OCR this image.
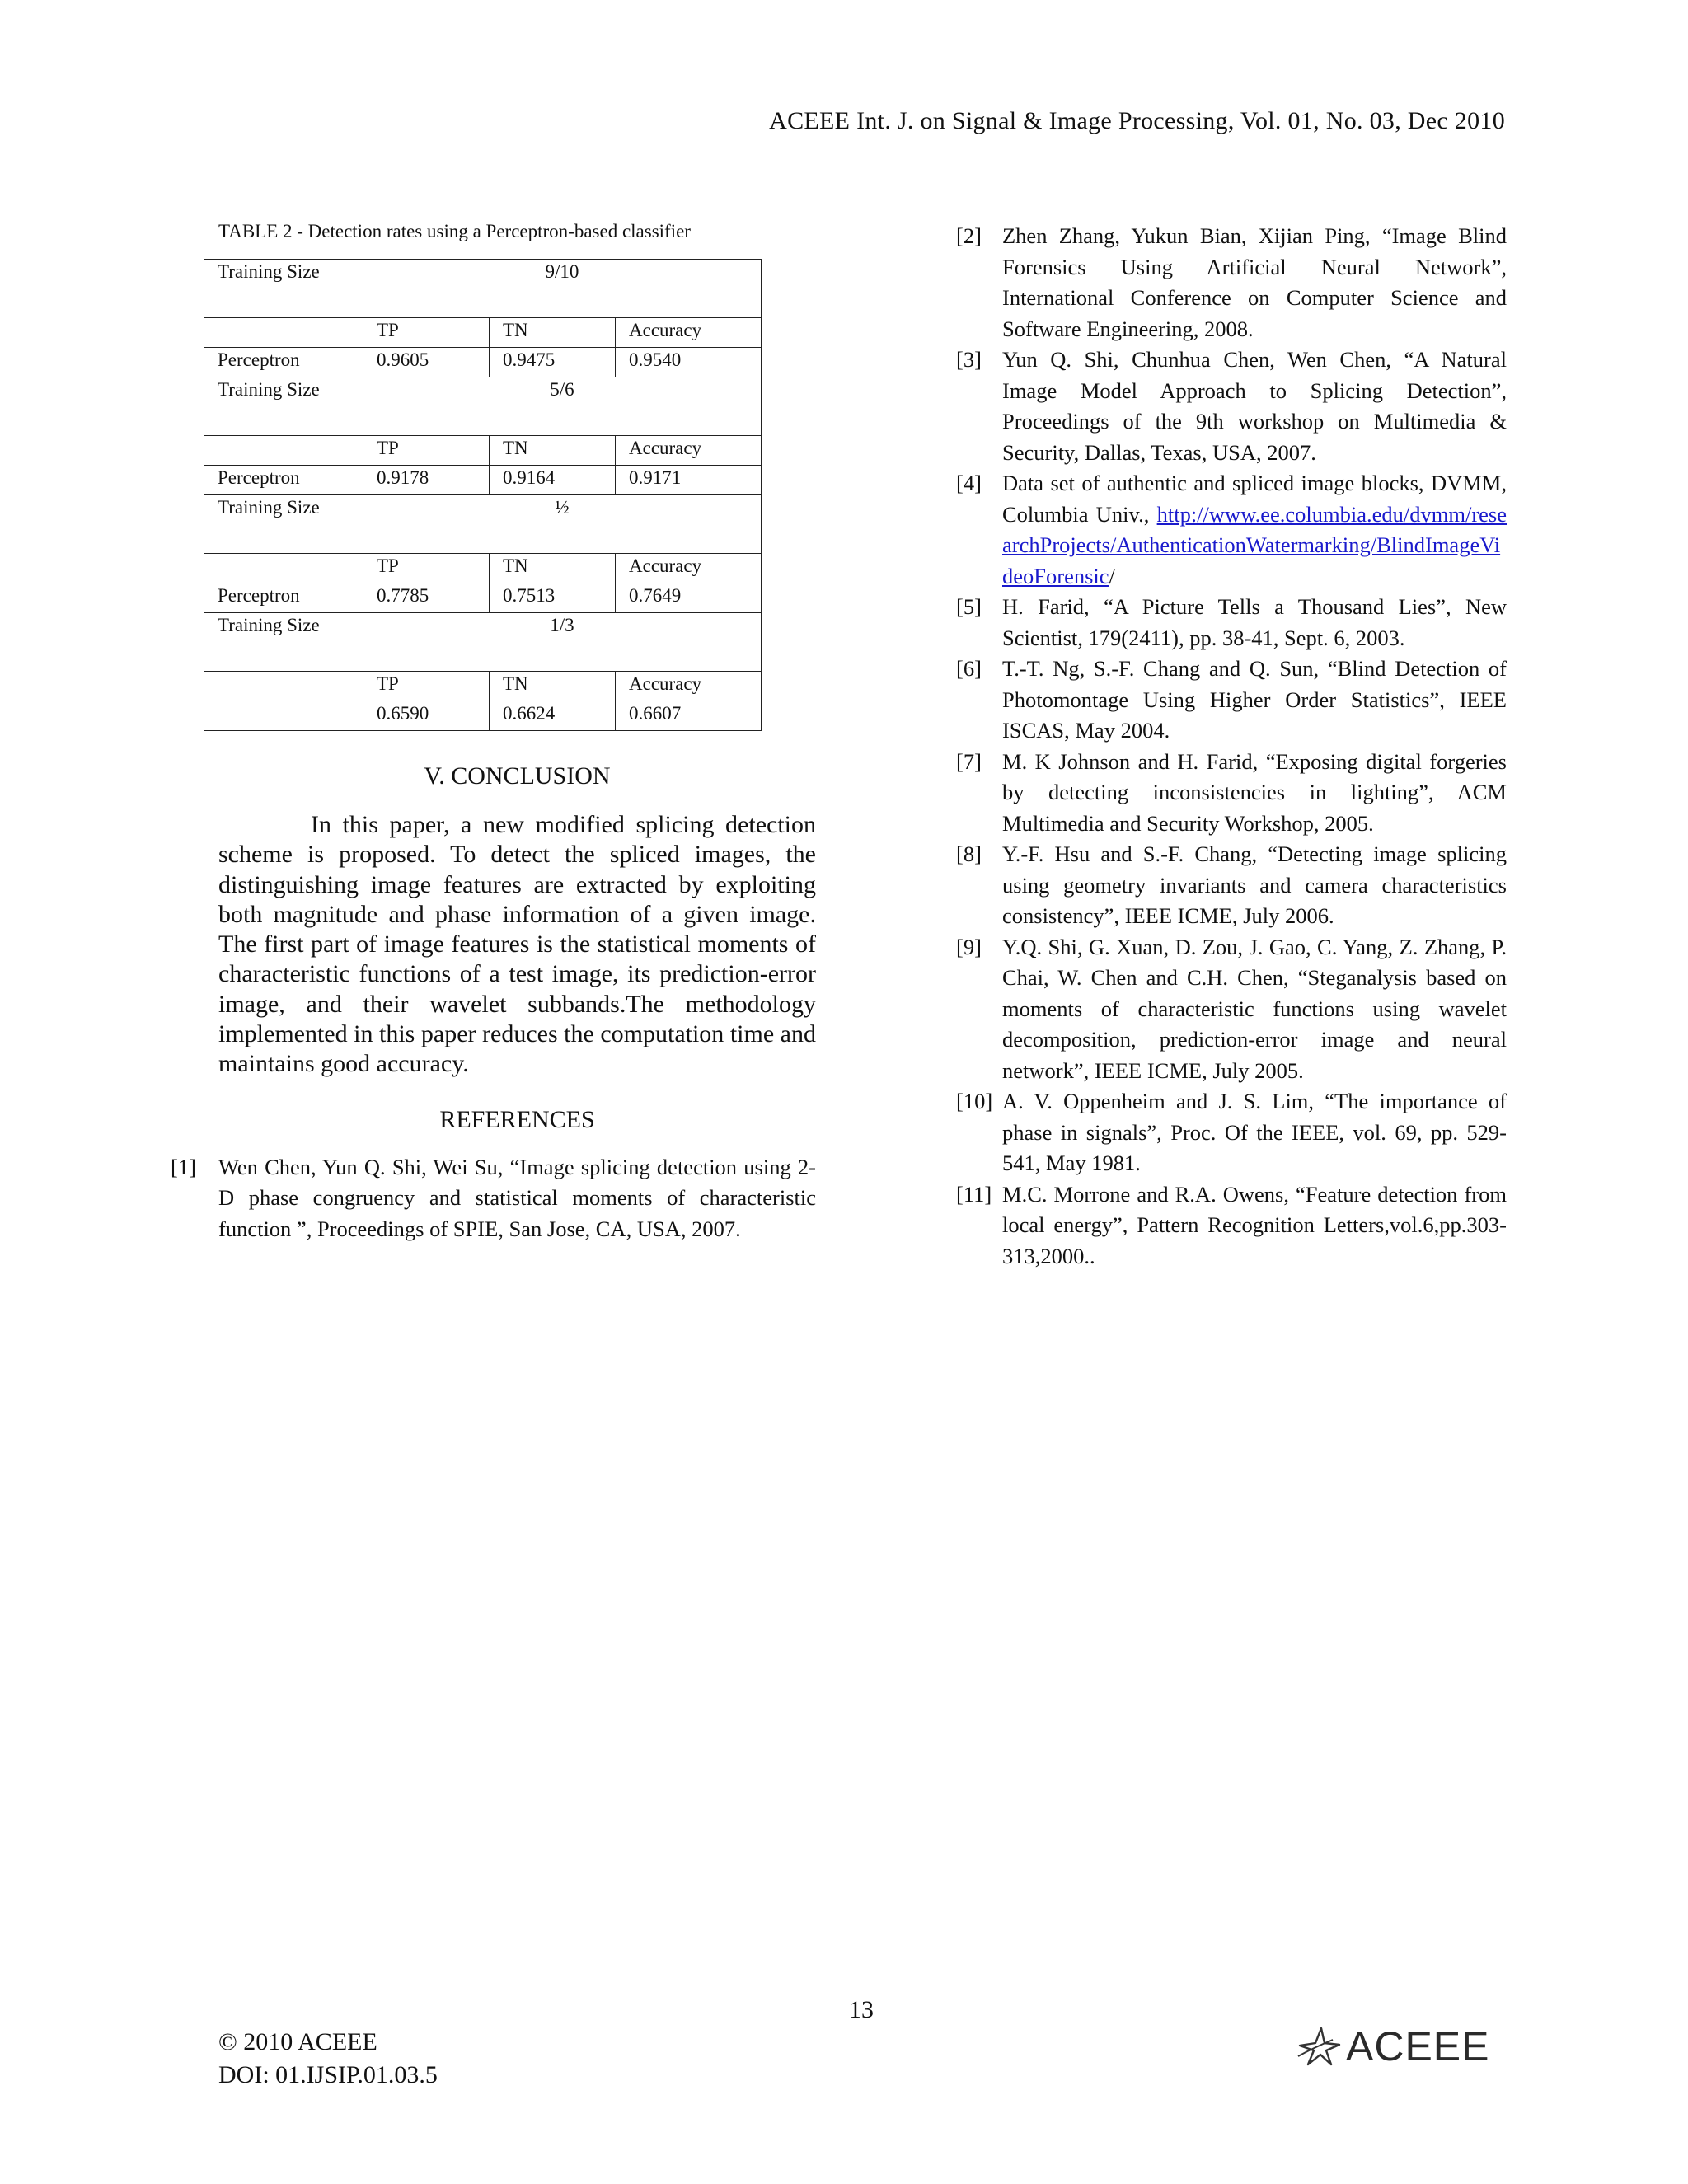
ACEEE Int. J. on Signal & Image Processing, Vol. 01, No. 03, Dec 2010
TABLE 2 - Detection rates using a Perceptron-based classifier
Training Size	9/10		
	TP	TN	Accuracy
Perceptron	0.9605	0.9475	0.9540
Training Size	5/6		
	TP	TN	Accuracy
Perceptron	0.9178	0.9164	0.9171
Training Size	½		
	TP	TN	Accuracy
Perceptron	0.7785	0.7513	0.7649
Training Size	1/3		
	TP	TN	Accuracy
	0.6590	0.6624	0.6607
V. CONCLUSION
In this paper, a new modified splicing detection scheme is proposed. To detect the spliced images, the distinguishing image features are extracted by exploiting both magnitude and phase information of a given image. The first part of image features is the statistical moments of characteristic functions of a test image, its prediction-error image, and their wavelet subbands.The methodology implemented in this paper reduces the computation time and maintains good accuracy.
REFERENCES
[1]	Wen Chen, Yun Q. Shi, Wei Su, “Image splicing detection using 2-D phase congruency and statistical moments of characteristic function ”, Proceedings of SPIE, San Jose, CA, USA, 2007.
[2] Zhen Zhang, Yukun Bian, Xijian Ping, “Image Blind Forensics Using Artificial Neural Network”, International Conference on Computer Science and Software Engineering, 2008.
[3] Yun Q. Shi, Chunhua Chen, Wen Chen, “A Natural Image Model Approach to Splicing Detection”, Proceedings of the 9th workshop on Multimedia & Security, Dallas, Texas, USA, 2007.
[4] Data set of authentic and spliced image blocks, DVMM, Columbia Univ., http://www.ee.columbia.edu/dvmm/researchProjects/AuthenticationWatermarking/BlindImageVideoForensic/
[5] H. Farid, “A Picture Tells a Thousand Lies”, New Scientist, 179(2411), pp. 38-41, Sept. 6, 2003.
[6] T.-T. Ng, S.-F. Chang and Q. Sun, “Blind Detection of Photomontage Using Higher Order Statistics”, IEEE ISCAS, May 2004.
[7] M. K Johnson and H. Farid, “Exposing digital forgeries by detecting inconsistencies in lighting”, ACM Multimedia and Security Workshop, 2005.
[8] Y.-F. Hsu and S.-F. Chang, “Detecting image splicing using geometry invariants and camera characteristics consistency”, IEEE ICME, July 2006.
[9] Y.Q. Shi, G. Xuan, D. Zou, J. Gao, C. Yang, Z. Zhang, P. Chai, W. Chen and C.H. Chen, “Steganalysis based on moments of characteristic functions using wavelet decomposition, prediction-error image and neural network”, IEEE ICME, July 2005.
[10] A. V. Oppenheim and J. S. Lim, “The importance of phase in signals”, Proc. Of the IEEE, vol. 69, pp. 529-541, May 1981.
[11] M.C. Morrone and R.A. Owens, “Feature detection from local energy”, Pattern Recognition Letters,vol.6,pp.303-313,2000..
13
© 2010 ACEEE
DOI: 01.IJSIP.01.03.5
ACEEE
